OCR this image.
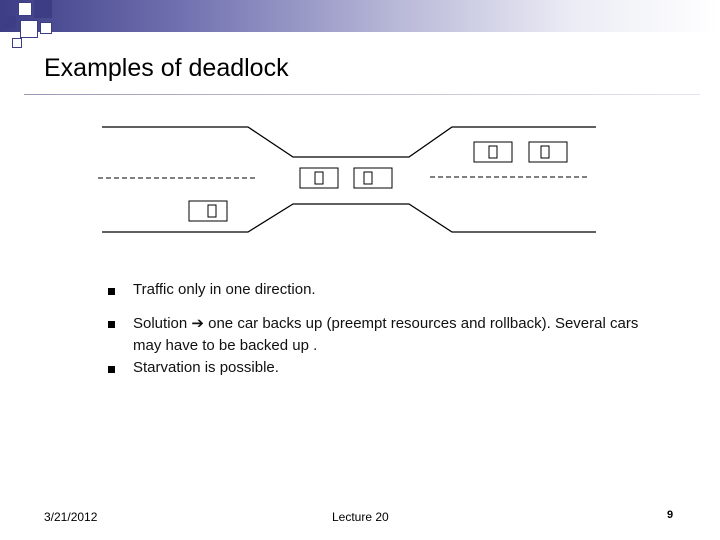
Examples of deadlock
Traffic only in one direction.
Solution ➔ one car backs up (preempt resources and rollback). Several cars may have to be backed up .
Starvation is possible.
3/21/2012	Lecture 20	9
